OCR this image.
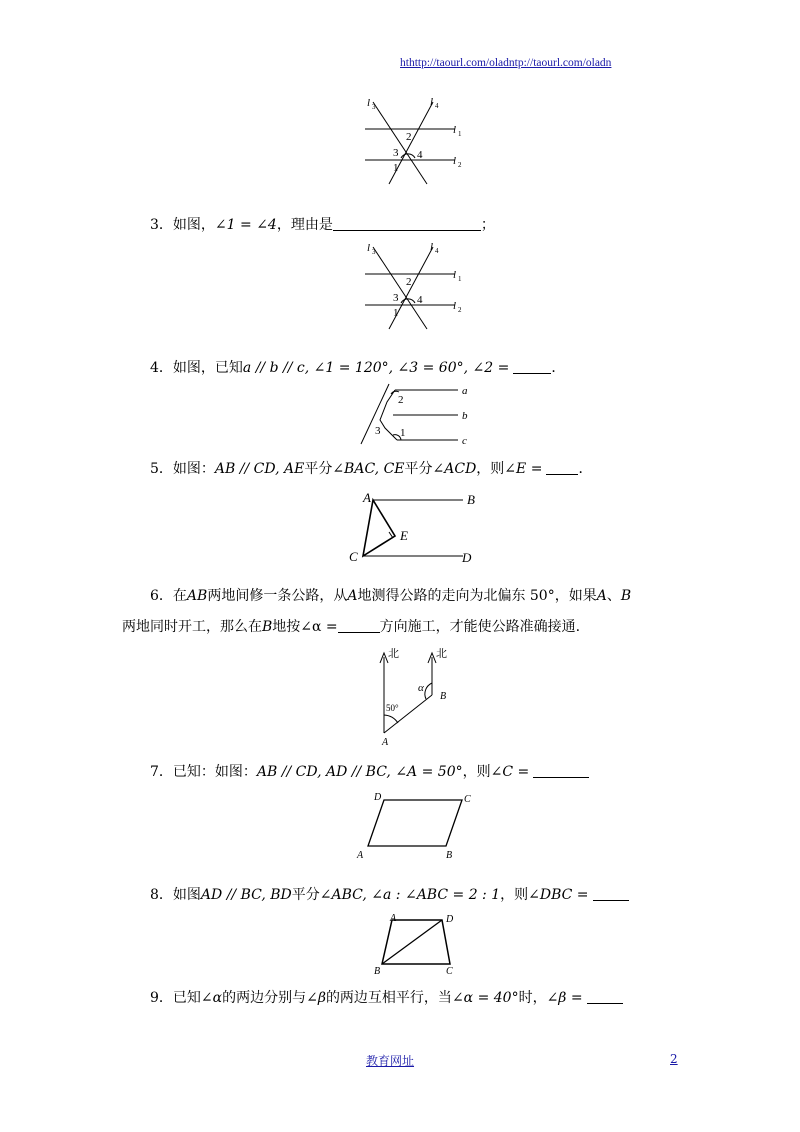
hthttp://taourl.com/oladntp://taourl.com/oladn
l 3	l 4
l 1
l 2
2
3 4
1
3．如图，∠1 = ∠4，理由是	；
l 3	l 4
l 1
l 2
2
3 4
1
4．如图，已知a // b // c, ∠1 = 120°, ∠3 = 60°, ∠2 =	．
a
b
c
2
3 1
5．如图：AB // CD, AE平分∠BAC, CE平分∠ACD，则∠E =	．
A	B
C	D
E
6．在AB两地间修一条公路，从A地测得公路的走向为北偏东 50°，如果A、B
两地同时开工，那么在B地按∠α =	方向施工，才能使公路准确接通.
北	北
α
50°
A
B
7．已知：如图：AB // CD, AD // BC, ∠A = 50°，则∠C =
D	C
A	B
8．如图AD // BC, BD平分∠ABC, ∠a : ∠ABC = 2 : 1，则∠DBC =
A	D
B	C
9．已知∠α的两边分别与∠β的两边互相平行，当∠α = 40°时，∠β =
教育网址	2
